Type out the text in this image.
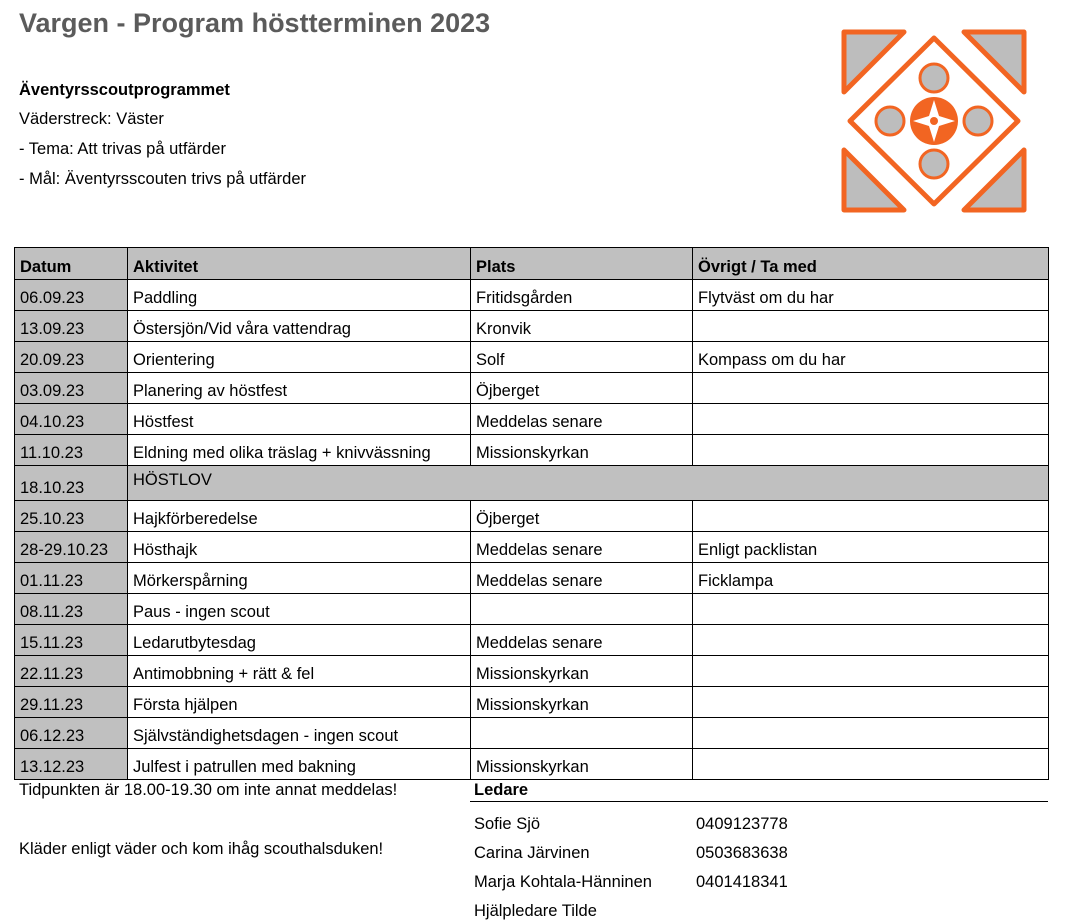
Vargen - Program höstterminen 2023
Äventyrsscoutprogrammet
Väderstreck: Väster
- Tema: Att trivas på utfärder
- Mål: Äventyrsscouten trivs på utfärder
Datum	Aktivitet	Plats	Övrigt / Ta med
06.09.23	Paddling	Fritidsgården	Flytväst om du har
13.09.23	Östersjön/Vid våra vattendrag	Kronvik	
20.09.23	Orientering	Solf	Kompass om du har
03.09.23	Planering av höstfest	Öjberget	
04.10.23	Höstfest	Meddelas senare	
11.10.23	Eldning med olika träslag + knivvässning	Missionskyrkan	
18.10.23	HÖSTLOV		
25.10.23	Hajkförberedelse	Öjberget	
28-29.10.23	Hösthajk	Meddelas senare	Enligt packlistan
01.11.23	Mörkerspårning	Meddelas senare	Ficklampa
08.11.23	Paus - ingen scout		
15.11.23	Ledarutbytesdag	Meddelas senare	
22.11.23	Antimobbning + rätt & fel	Missionskyrkan	
29.11.23	Första hjälpen	Missionskyrkan	
06.12.23	Självständighetsdagen - ingen scout		
13.12.23	Julfest i patrullen med bakning	Missionskyrkan	
Tidpunkten är 18.00-19.30 om inte annat meddelas!
Kläder enligt väder och kom ihåg scouthalsduken!
Ledare
Sofie Sjö	0409123778
Carina Järvinen	0503683638
Marja Kohtala-Hänninen	0401418341
Hjälpledare Tilde
